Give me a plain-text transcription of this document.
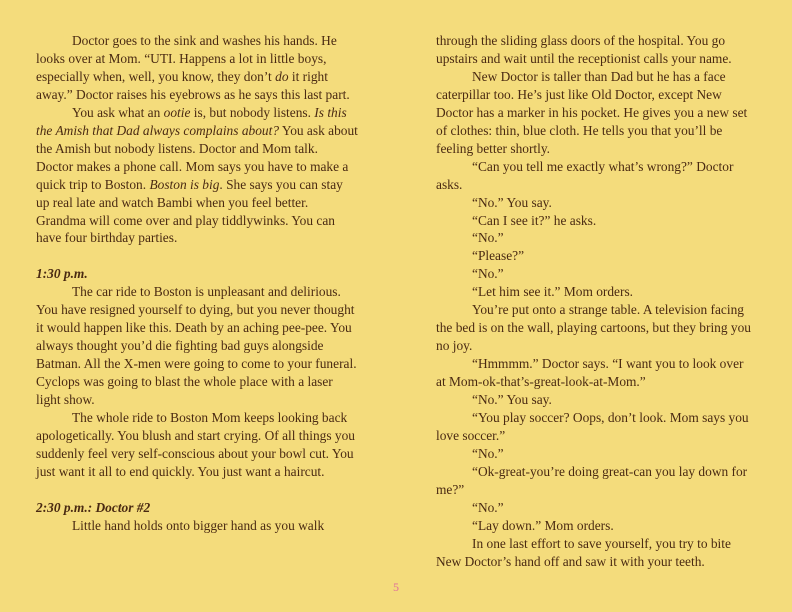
Doctor goes to the sink and washes his hands. He looks over at Mom. “UTI. Happens a lot in little boys, especially when, well, you know, they don’t do it right away.” Doctor raises his eyebrows as he says this last part.

You ask what an ootie is, but nobody listens. Is this the Amish that Dad always complains about? You ask about the Amish but nobody listens. Doctor and Mom talk. Doctor makes a phone call. Mom says you have to make a quick trip to Boston. Boston is big. She says you can stay up real late and watch Bambi when you feel better. Grandma will come over and play tiddlywinks. You can have four birthday parties.

1:30 p.m.

The car ride to Boston is unpleasant and delirious. You have resigned yourself to dying, but you never thought it would happen like this. Death by an aching pee-pee. You always thought you’d die fighting bad guys alongside Batman. All the X-men were going to come to your funeral. Cyclops was going to blast the whole place with a laser light show.

The whole ride to Boston Mom keeps looking back apologetically. You blush and start crying. Of all things you suddenly feel very self-conscious about your bowl cut. You just want it all to end quickly. You just want a haircut.

2:30 p.m.: Doctor #2

Little hand holds onto bigger hand as you walk

through the sliding glass doors of the hospital. You go upstairs and wait until the receptionist calls your name.

New Doctor is taller than Dad but he has a face caterpillar too. He’s just like Old Doctor, except New Doctor has a marker in his pocket. He gives you a new set of clothes: thin, blue cloth. He tells you that you’ll be feeling better shortly.

“Can you tell me exactly what’s wrong?” Doctor asks.

“No.” You say.

“Can I see it?” he asks.

“No.”

“Please?”

“No.”

“Let him see it.” Mom orders.

You’re put onto a strange table. A television facing the bed is on the wall, playing cartoons, but they bring you no joy.

“Hmmmm.” Doctor says. “I want you to look over at Mom-ok-that’s-great-look-at-Mom.”

“No.” You say.

“You play soccer? Oops, don’t look. Mom says you love soccer.”

“No.”

“Ok-great-you’re doing great-can you lay down for me?”

“No.”

“Lay down.” Mom orders.

In one last effort to save yourself, you try to bite New Doctor’s hand off and saw it with your teeth.

5
